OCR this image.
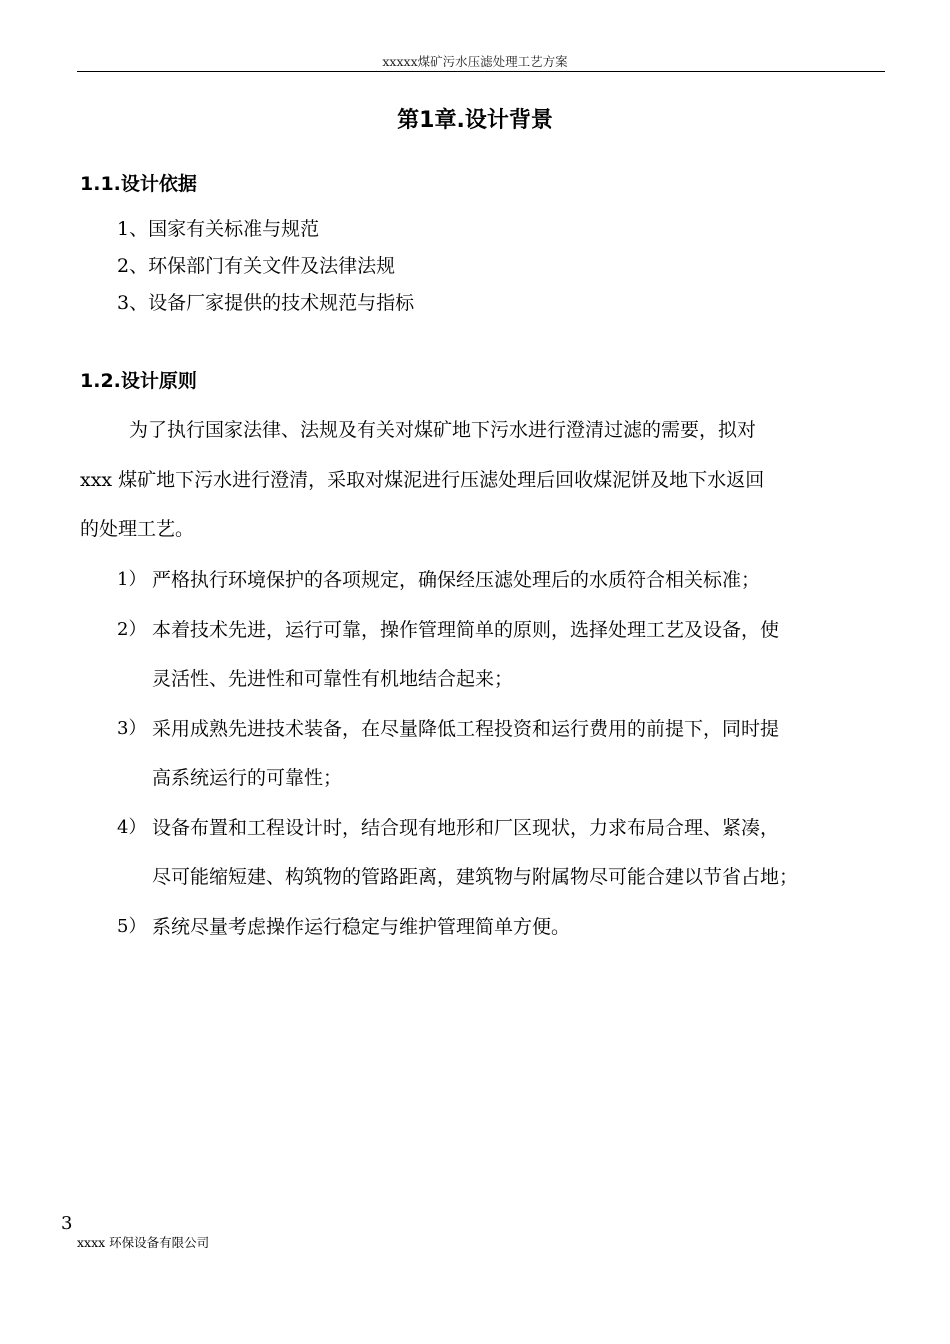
xxxxx煤矿污水压滤处理工艺方案
第1章.设计背景
1.1.设计依据
1、国家有关标准与规范
2、环保部门有关文件及法律法规
3、设备厂家提供的技术规范与指标
1.2.设计原则
为了执行国家法律、法规及有关对煤矿地下污水进行澄清过滤的需要，拟对
xxx 煤矿地下污水进行澄清，采取对煤泥进行压滤处理后回收煤泥饼及地下水返回
的处理工艺。
1） 严格执行环境保护的各项规定，确保经压滤处理后的水质符合相关标准；
2） 本着技术先进，运行可靠，操作管理简单的原则，选择处理工艺及设备，使
灵活性、先进性和可靠性有机地结合起来；
3） 采用成熟先进技术装备，在尽量降低工程投资和运行费用的前提下，同时提
高系统运行的可靠性；
4） 设备布置和工程设计时，结合现有地形和厂区现状，力求布局合理、紧凑，
尽可能缩短建、构筑物的管路距离，建筑物与附属物尽可能合建以节省占地；
5） 系统尽量考虑操作运行稳定与维护管理简单方便。
3
xxxx 环保设备有限公司
